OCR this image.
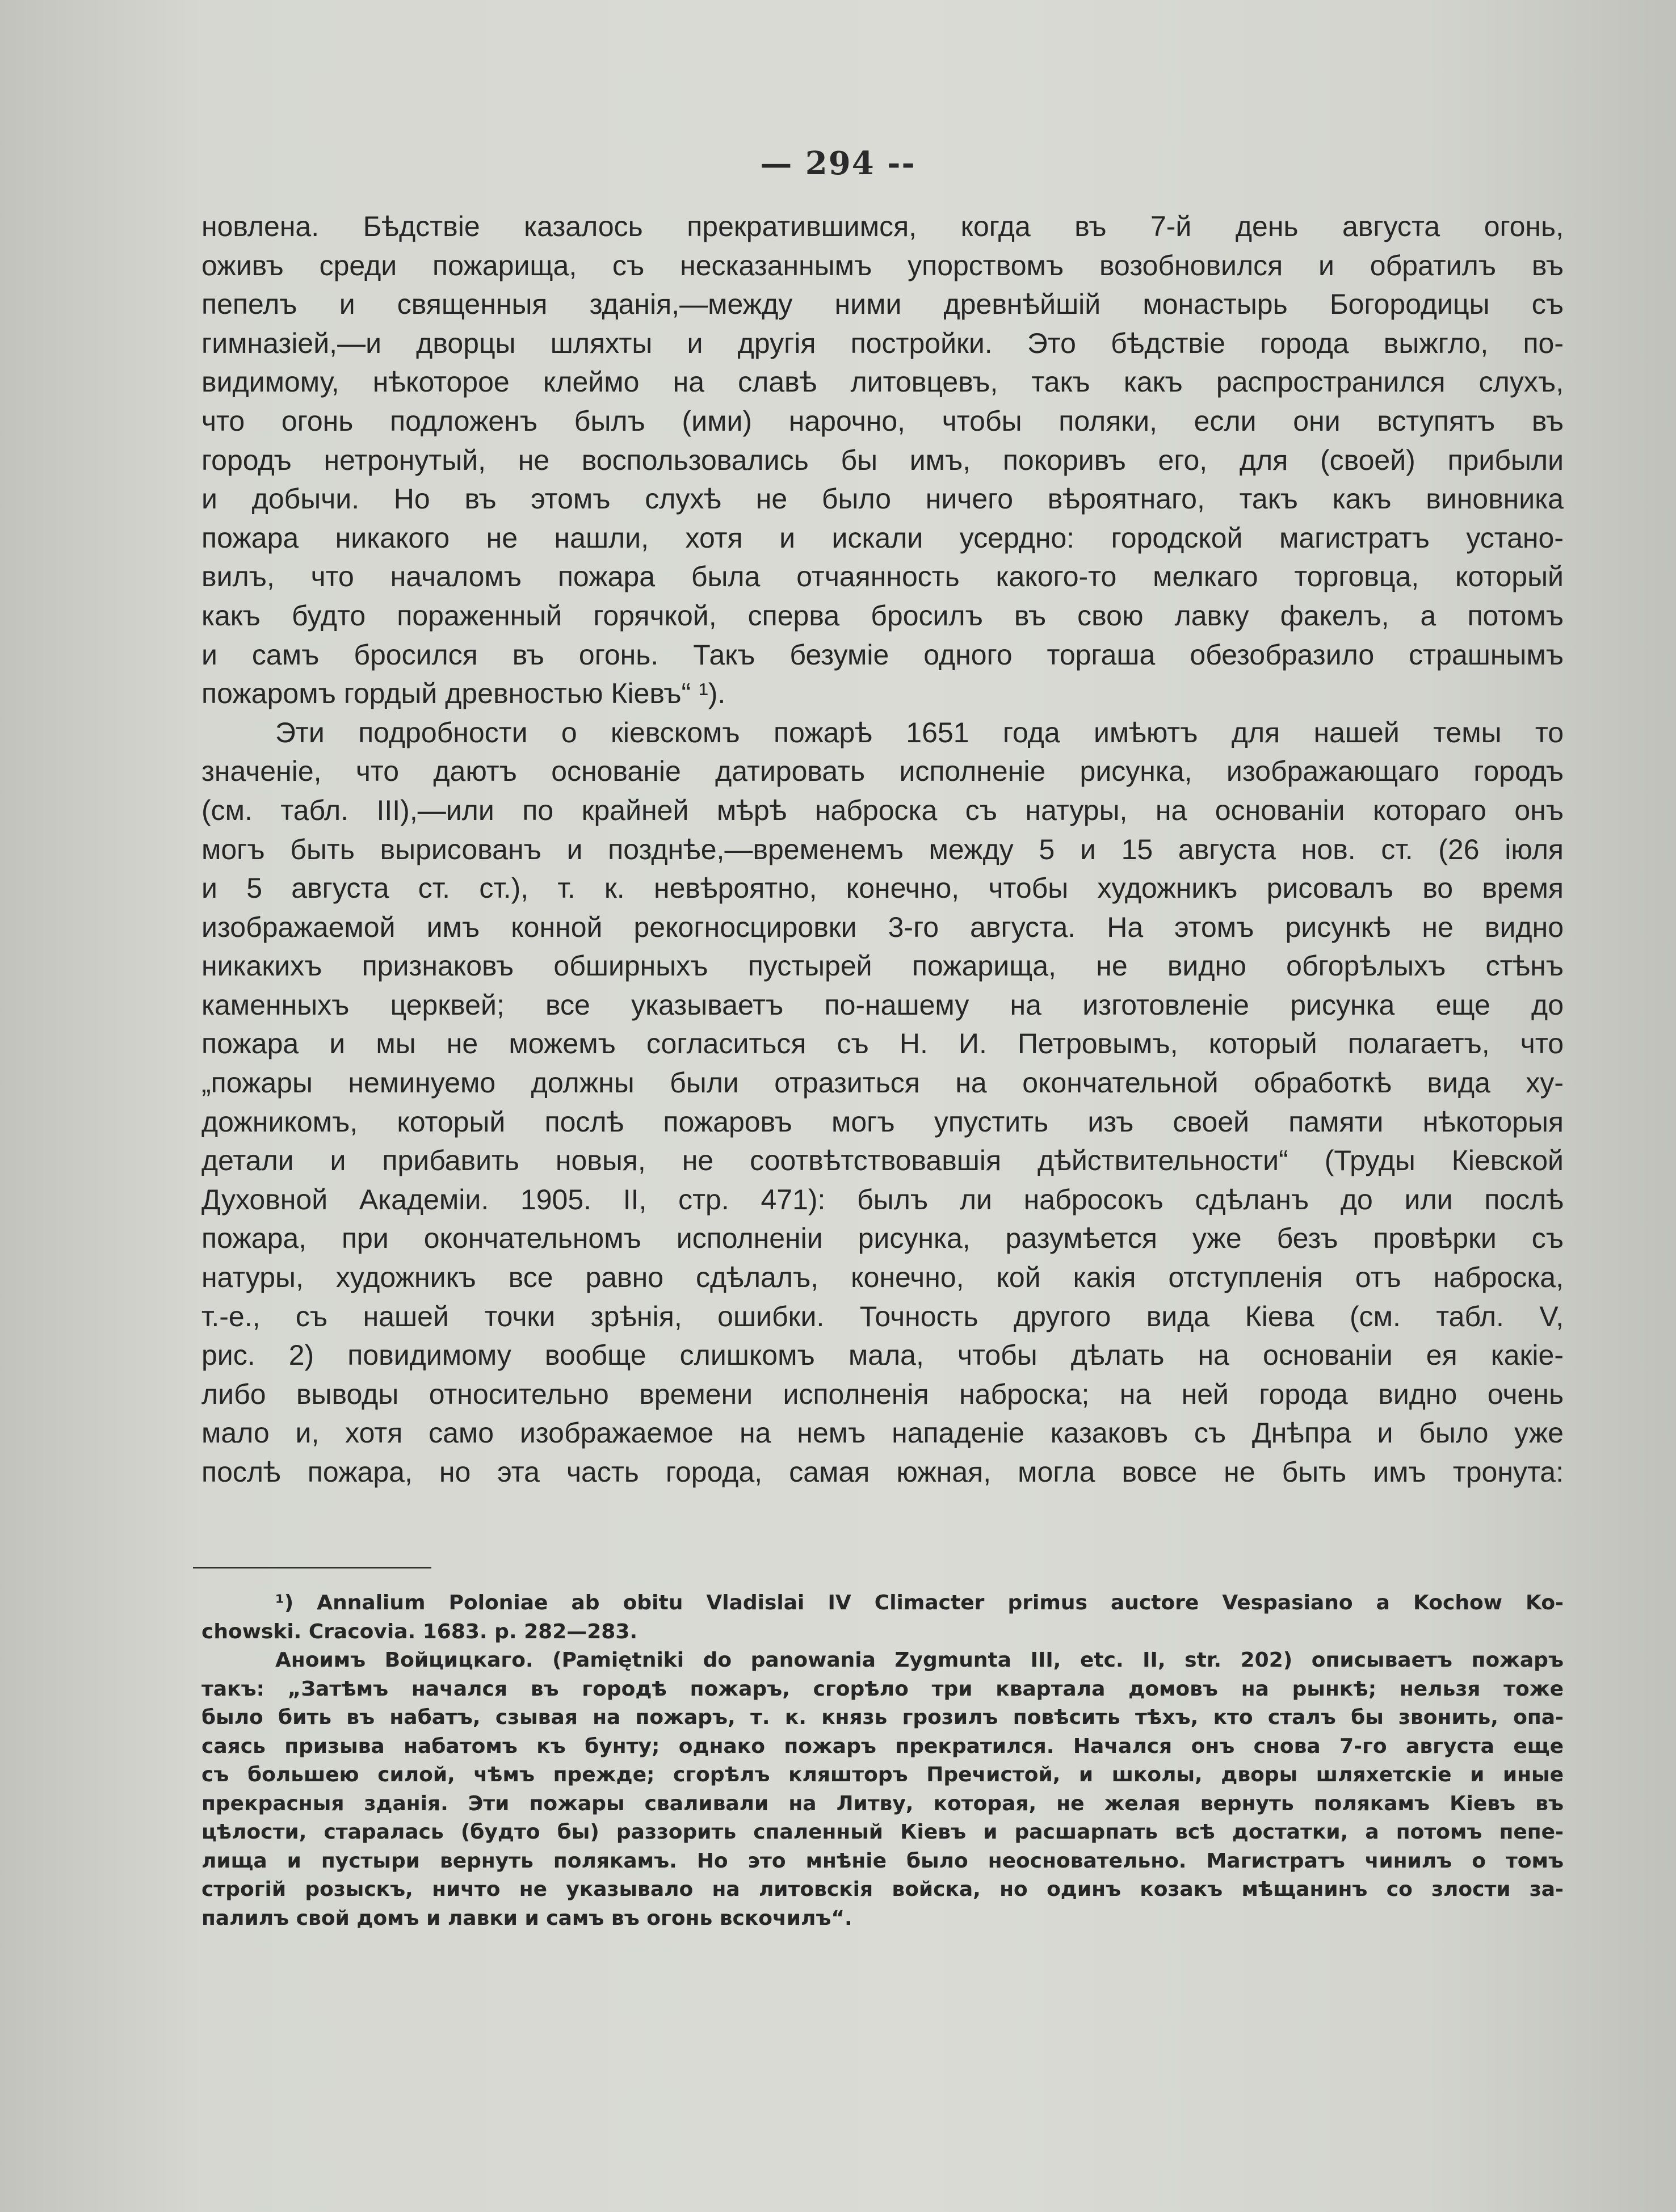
— 294 --
новлена. Бѣдствіе казалось прекратившимся, когда въ 7-й день августа огонь,
оживъ среди пожарища, съ несказаннымъ упорствомъ возобновился и обратилъ въ
пепелъ и священныя зданія,—между ними древнѣйшій монастырь Богородицы съ
гимназіей,—и дворцы шляхты и другія постройки. Это бѣдствіе города выжгло, по-
видимому, нѣкоторое клеймо на славѣ литовцевъ, такъ какъ распространился слухъ,
что огонь подложенъ былъ (ими) нарочно, чтобы поляки, если они вступятъ въ
городъ нетронутый, не воспользовались бы имъ, покоривъ его, для (своей) прибыли
и добычи. Но въ этомъ слухѣ не было ничего вѣроятнаго, такъ какъ виновника
пожара никакого не нашли, хотя и искали усердно: городской магистратъ устано-
вилъ, что началомъ пожара была отчаянность какого-то мелкаго торговца, который
какъ будто пораженный горячкой, сперва бросилъ въ свою лавку факелъ, а потомъ
и самъ бросился въ огонь. Такъ безуміе одного торгаша обезобразило страшнымъ
пожаромъ гордый древностью Кіевъ“ ¹).
Эти подробности о кіевскомъ пожарѣ 1651 года имѣютъ для нашей темы то
значеніе, что даютъ основаніе датировать исполненіе рисунка, изображающаго городъ
(см. табл. III),—или по крайней мѣрѣ наброска съ натуры, на основаніи котораго онъ
могъ быть вырисованъ и позднѣе,—временемъ между 5 и 15 августа нов. ст. (26 іюля
и 5 августа ст. ст.), т. к. невѣроятно, конечно, чтобы художникъ рисовалъ во время
изображаемой имъ конной рекогносцировки 3-го августа. На этомъ рисункѣ не видно
никакихъ признаковъ обширныхъ пустырей пожарища, не видно обгорѣлыхъ стѣнъ
каменныхъ церквей; все указываетъ по-нашему на изготовленіе рисунка еще до
пожара и мы не можемъ согласиться съ Н. И. Петровымъ, который полагаетъ, что
„пожары неминуемо должны были отразиться на окончательной обработкѣ вида ху-
дожникомъ, который послѣ пожаровъ могъ упустить изъ своей памяти нѣкоторыя
детали и прибавить новыя, не соотвѣтствовавшія дѣйствительности“ (Труды Кіевской
Духовной Академіи. 1905. II, стр. 471): былъ ли набросокъ сдѣланъ до или послѣ
пожара, при окончательномъ исполненіи рисунка, разумѣется уже безъ провѣрки съ
натуры, художникъ все равно сдѣлалъ, конечно, кой какія отступленія отъ наброска,
т.-е., съ нашей точки зрѣнія, ошибки. Точность другого вида Кіева (см. табл. V,
рис. 2) повидимому вообще слишкомъ мала, чтобы дѣлать на основаніи ея какіе-
либо выводы относительно времени исполненія наброска; на ней города видно очень
мало и, хотя само изображаемое на немъ нападеніе казаковъ съ Днѣпра и было уже
послѣ пожара, но эта часть города, самая южная, могла вовсе не быть имъ тронута:
¹) Annalium Poloniae ab obitu Vladislai IV Climacter primus auctore Vespasiano a Kochow Ko-
chowski. Cracovia. 1683. p. 282—283.
Аноимъ Войцицкаго. (Pamiętniki do panowania Zygmunta III, etc. II, str. 202) описываетъ пожаръ
такъ: „Затѣмъ начался въ городѣ пожаръ, сгорѣло три квартала домовъ на рынкѣ; нельзя тоже
было бить въ набатъ, сзывая на пожаръ, т. к. князь грозилъ повѣсить тѣхъ, кто сталъ бы звонить, опа-
саясь призыва набатомъ къ бунту; однако пожаръ прекратился. Начался онъ снова 7-го августа еще
съ большею силой, чѣмъ прежде; сгорѣлъ кляшторъ Пречистой, и школы, дворы шляхетскіе и иные
прекрасныя зданія. Эти пожары сваливали на Литву, которая, не желая вернуть полякамъ Кіевъ въ
цѣлости, старалась (будто бы) раззорить спаленный Кіевъ и расшарпать всѣ достатки, а потомъ пепе-
лища и пустыри вернуть полякамъ. Но это мнѣніе было неосновательно. Магистратъ чинилъ о томъ
строгій розыскъ, ничто не указывало на литовскія войска, но одинъ козакъ мѣщанинъ со злости за-
палилъ свой домъ и лавки и самъ въ огонь вскочилъ“.
